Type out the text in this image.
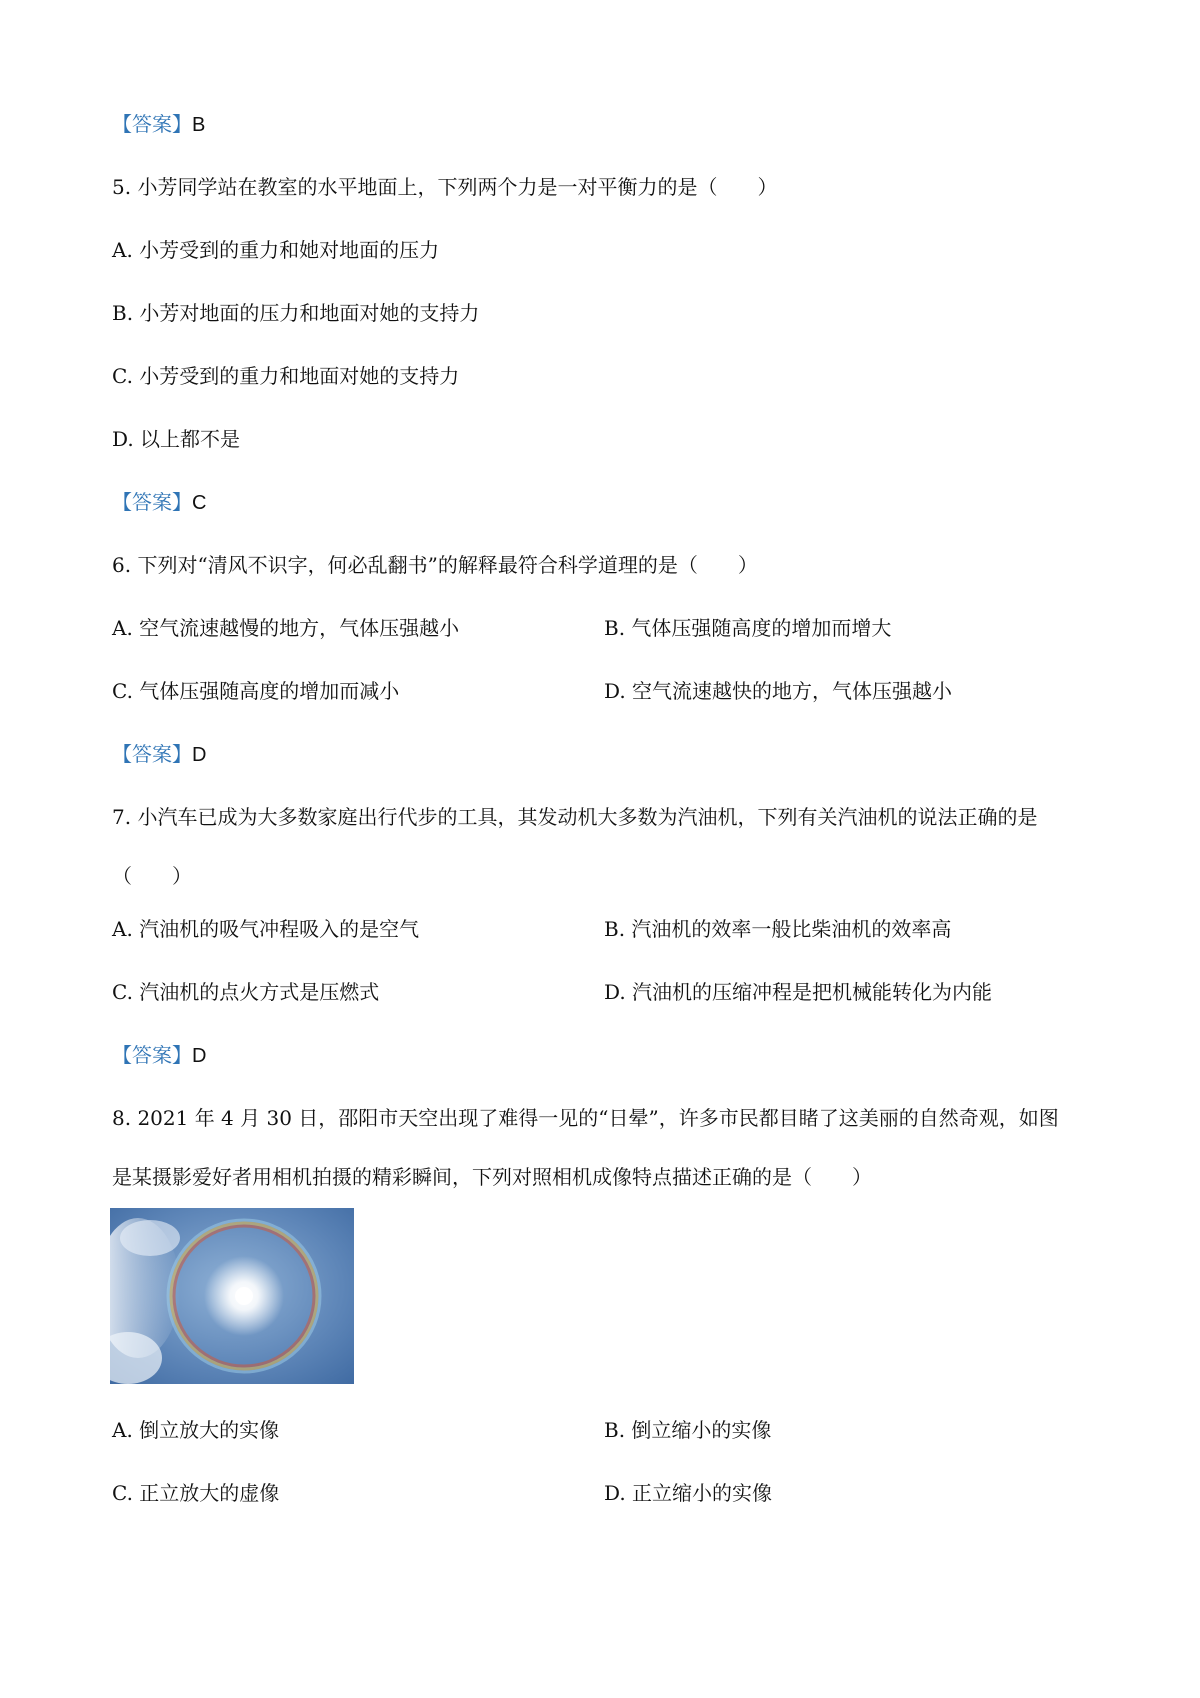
【答案】B
5. 小芳同学站在教室的水平地面上，下列两个力是一对平衡力的是（　　）
A. 小芳受到的重力和她对地面的压力
B. 小芳对地面的压力和地面对她的支持力
C. 小芳受到的重力和地面对她的支持力
D. 以上都不是
【答案】C
6. 下列对“清风不识字，何必乱翻书”的解释最符合科学道理的是（　　）
A. 空气流速越慢的地方，气体压强越小	B. 气体压强随高度的增加而增大
C. 气体压强随高度的增加而减小	D. 空气流速越快的地方，气体压强越小
【答案】D
7. 小汽车已成为大多数家庭出行代步的工具，其发动机大多数为汽油机，下列有关汽油机的说法正确的是
（　　）
A. 汽油机的吸气冲程吸入的是空气	B. 汽油机的效率一般比柴油机的效率高
C. 汽油机的点火方式是压燃式	D. 汽油机的压缩冲程是把机械能转化为内能
【答案】D
8. 2021 年 4 月 30 日，邵阳市天空出现了难得一见的“日晕”，许多市民都目睹了这美丽的自然奇观，如图
是某摄影爱好者用相机拍摄的精彩瞬间，下列对照相机成像特点描述正确的是（　　）
A. 倒立放大的实像	B. 倒立缩小的实像
C. 正立放大的虚像	D. 正立缩小的实像
